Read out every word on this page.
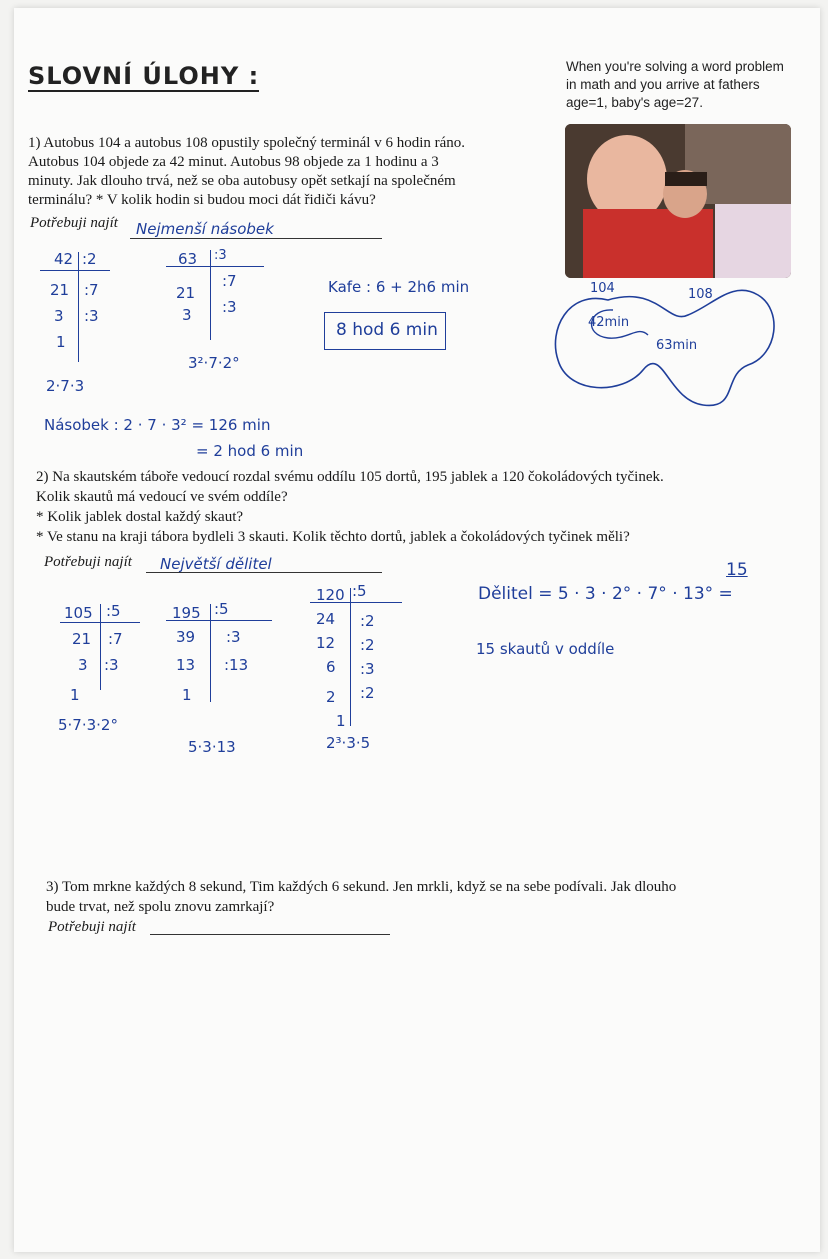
SLOVNÍ ÚLOHY :	When you're solving a word problem in math and you arrive at fathers age=1, baby's age=27.
1) Autobus 104 a autobus 108 opustily společný terminál v 6 hodin ráno.
Autobus 104 objede za 42 minut. Autobus 98 objede za 1 hodinu a 3
minuty. Jak dlouho trvá, než se oba autobusy opět setkají na společném
terminálu? * V kolik hodin si budou moci dát řidiči kávu?
Potřebuji najít Nejmenší násobek
42 :2
21 :7
3 :3
1
2·7·3
63 :3
21
:7
3 :3
3²·7·2°
Násobek : 2 · 7 · 3² = 126 min
= 2 hod 6 min
Kafe : 6 + 2h6 min
8 hod 6 min
104	108
42min
63min
2) Na skautském táboře vedoucí rozdal svému oddílu 105 dortů, 195 jablek a 120 čokoládových tyčinek.
Kolik skautů má vedoucí ve svém oddíle?
* Kolik jablek dostal každý skaut?
* Ve stanu na kraji tábora bydleli 3 skauti. Kolik těchto dortů, jablek a čokoládových tyčinek měli?
Potřebuji najít Největší dělitel
105 :5
21 :7
3 :3
1
5·7·3·2°
195 :5
39 :3
13 :13
1
5·3·13
120 :5
24 :2
12 :2
6 :3
2 :2
1
2³·3·5
Dělitel = 5 · 3 · 2° · 7° · 13° =
15
15 skautů v oddíle
3) Tom mrkne každých 8 sekund, Tim každých 6 sekund. Jen mrkli, když se na sebe podívali. Jak dlouho
bude trvat, než spolu znovu zamrkají?
Potřebuji najít
